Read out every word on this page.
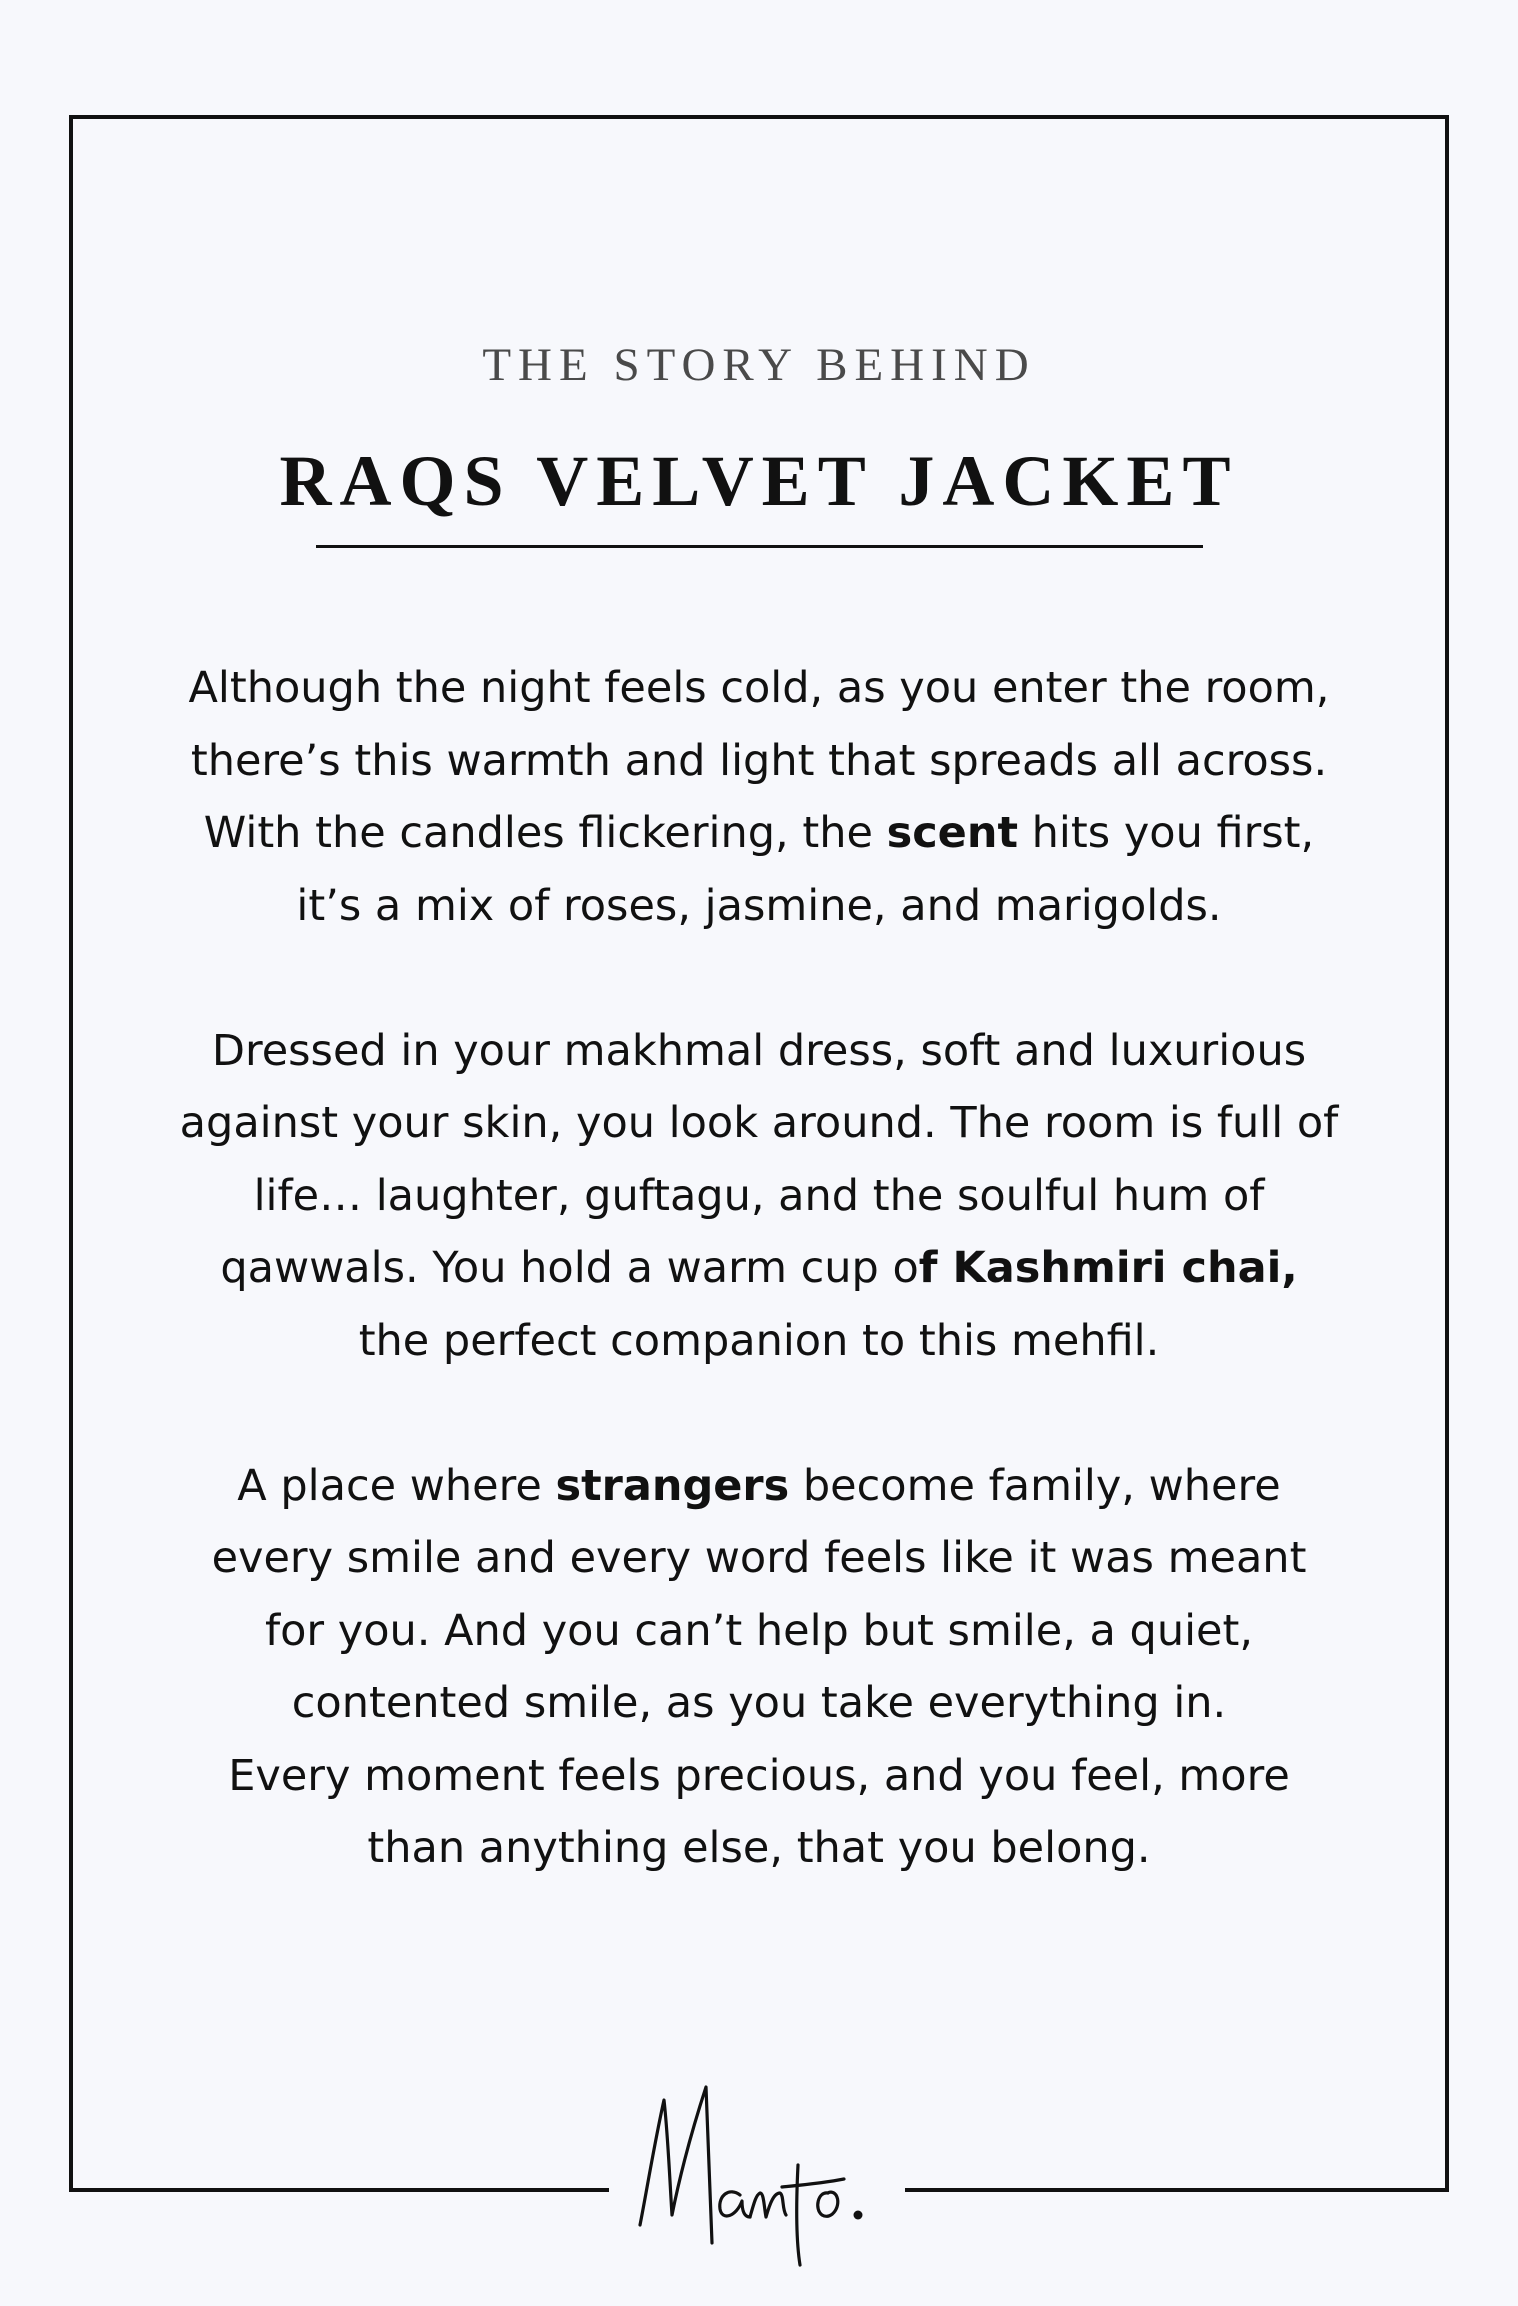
THE STORY BEHIND
RAQS VELVET JACKET

Although the night feels cold, as you enter the room,
there’s this warmth and light that spreads all across.
With the candles flickering, the scent hits you first,
it’s a mix of roses, jasmine, and marigolds.

Dressed in your makhmal dress, soft and luxurious
against your skin, you look around. The room is full of
life… laughter, guftagu, and the soulful hum of
qawwals. You hold a warm cup of Kashmiri chai,
the perfect companion to this mehfil.

A place where strangers become family, where
every smile and every word feels like it was meant
for you. And you can’t help but smile, a quiet,
contented smile, as you take everything in.
Every moment feels precious, and you feel, more
than anything else, that you belong.
